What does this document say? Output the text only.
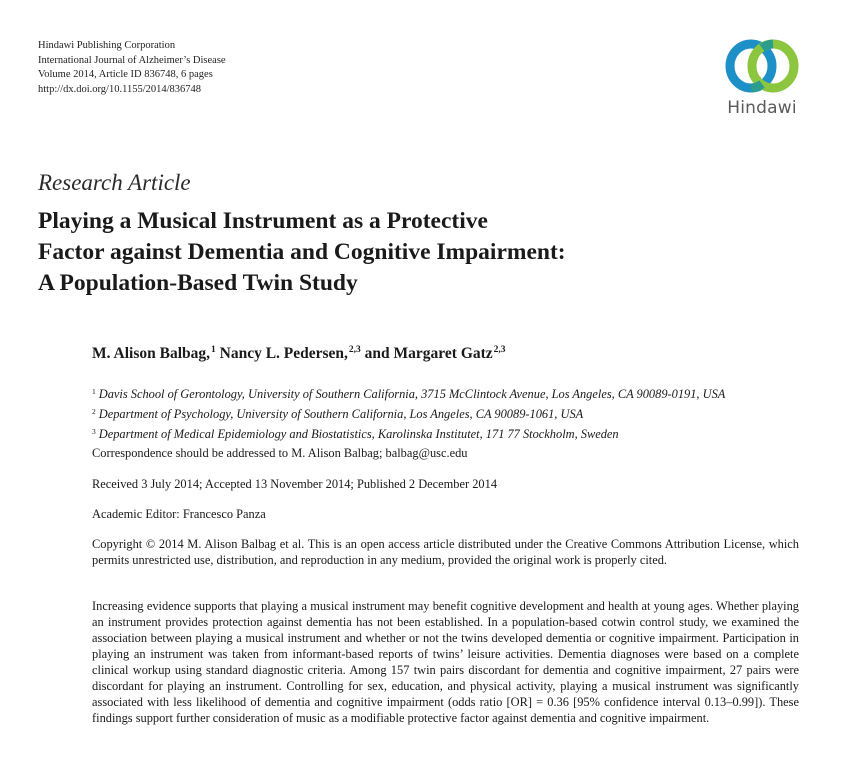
Hindawi Publishing Corporation
International Journal of Alzheimer’s Disease
Volume 2014, Article ID 836748, 6 pages
http://dx.doi.org/10.1155/2014/836748
Hindawi
Research Article
Playing a Musical Instrument as a Protective
Factor against Dementia and Cognitive Impairment:
A Population-Based Twin Study
M. Alison Balbag,$^1$ Nancy L. Pedersen,$^{2,3}$ and Margaret Gatz$^{2,3}$
$^1$ Davis School of Gerontology, University of Southern California, 3715 McClintock Avenue, Los Angeles, CA 90089-0191, USA
$^2$ Department of Psychology, University of Southern California, Los Angeles, CA 90089-1061, USA
$^3$ Department of Medical Epidemiology and Biostatistics, Karolinska Institutet, 171 77 Stockholm, Sweden
Correspondence should be addressed to M. Alison Balbag; balbag@usc.edu
Received 3 July 2014; Accepted 13 November 2014; Published 2 December 2014
Academic Editor: Francesco Panza
Copyright © 2014 M. Alison Balbag et al. This is an open access article distributed under the Creative Commons Attribution License, which permits unrestricted use, distribution, and reproduction in any medium, provided the original work is properly cited.
Increasing evidence supports that playing a musical instrument may benefit cognitive development and health at young ages. Whether playing an instrument provides protection against dementia has not been established. In a population-based cotwin control study, we examined the association between playing a musical instrument and whether or not the twins developed dementia or cognitive impairment. Participation in playing an instrument was taken from informant-based reports of twins’ leisure activities. Dementia diagnoses were based on a complete clinical workup using standard diagnostic criteria. Among 157 twin pairs discordant for dementia and cognitive impairment, 27 pairs were discordant for playing an instrument. Controlling for sex, education, and physical activity, playing a musical instrument was significantly associated with less likelihood of dementia and cognitive impairment (odds ratio [OR] = 0.36 [95% confidence interval 0.13–0.99]). These findings support further consideration of music as a modifiable protective factor against dementia and cognitive impairment.
